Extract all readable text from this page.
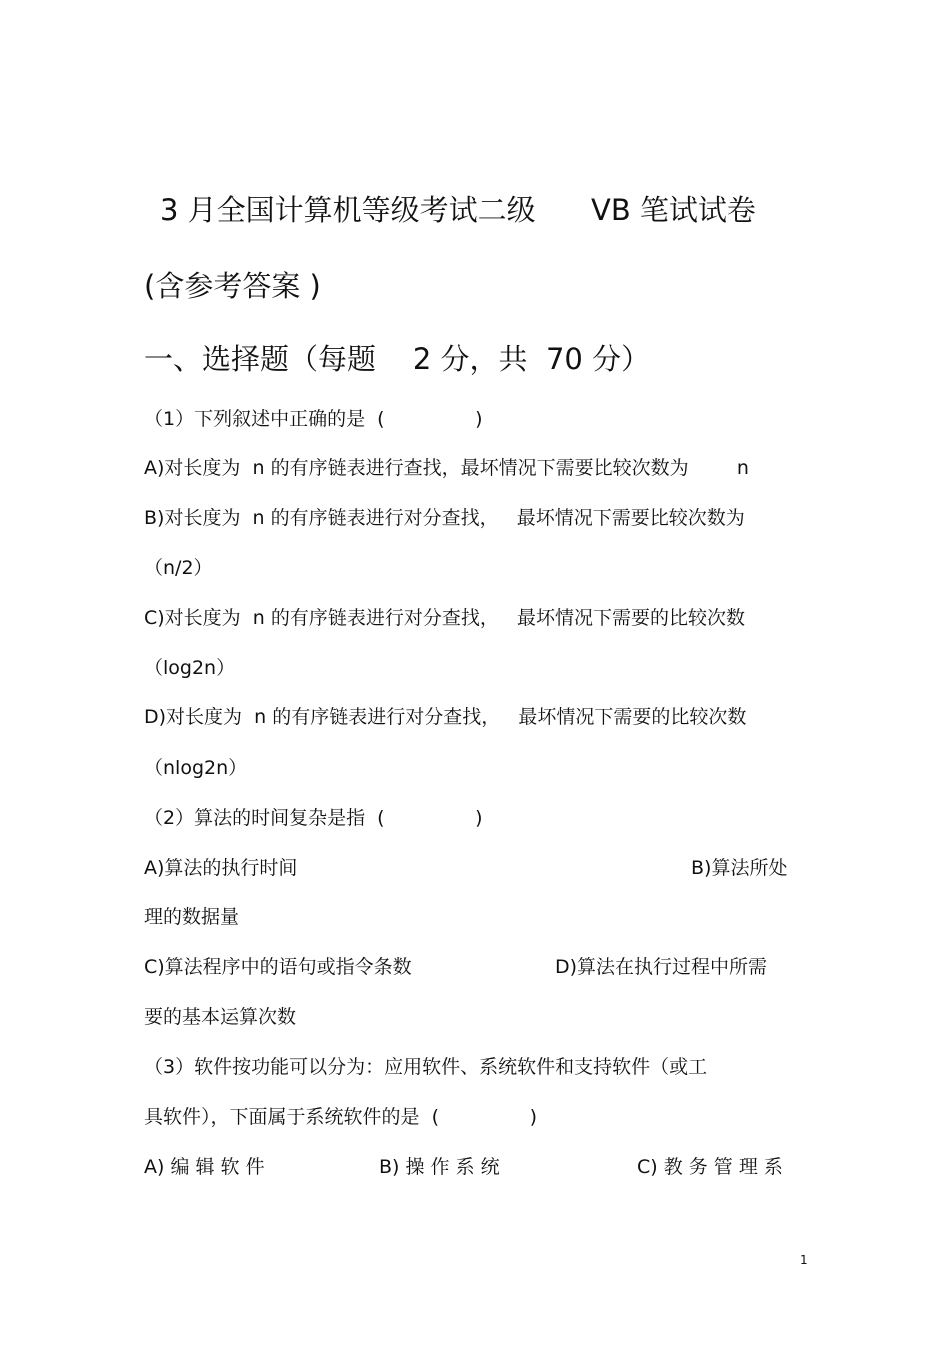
3 月全国计算机等级考试二级      VB 笔试试卷
(含参考答案 )
一、选择题（每题    2 分，共  70 分）
（1）下列叙述中正确的是  (               )
A)对长度为  n 的有序链表进行查找，最坏情况下需要比较次数为        n
B)对长度为  n 的有序链表进行对分查找，   最坏情况下需要比较次数为
（n/2）
C)对长度为  n 的有序链表进行对分查找，   最坏情况下需要的比较次数
（log2n）
D)对长度为  n 的有序链表进行对分查找，   最坏情况下需要的比较次数
（nlog2n）
（2）算法的时间复杂是指  (               )
A)算法的执行时间	B)算法所处
理的数据量
C)算法程序中的语句或指令条数	D)算法在执行过程中所需
要的基本运算次数
（3）软件按功能可以分为：应用软件、系统软件和支持软件（或工
具软件），下面属于系统软件的是  (               )
A) 编 辑 软 件	B) 操 作 系 统	C) 教 务 管 理 系
1
